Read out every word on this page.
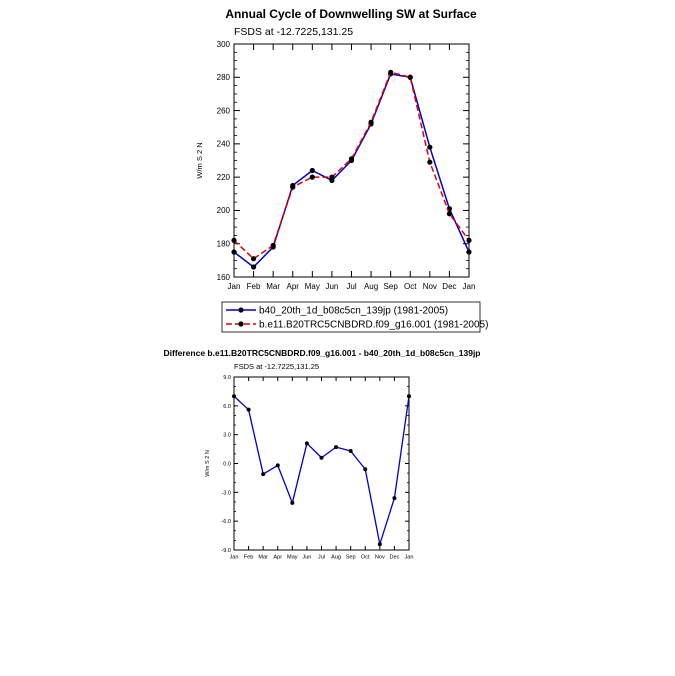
Annual Cycle of Downwelling SW at Surface
FSDS at -12.7225,131.25
160
180
200
220
240
260
280
300
Jan Feb Mar Apr May Jun Jul Aug Sep Oct Nov Dec Jan
W/m S 2 N
b40_20th_1d_b08c5cn_139jp (1981-2005)
b.e11.B20TRC5CNBDRD.f09_g16.001 (1981-2005)
Difference b.e11.B20TRC5CNBDRD.f09_g16.001 - b40_20th_1d_b08c5cn_139jp
FSDS at -12.7225,131.25
-9.0
-6.0
-3.0
0.0
3.0
6.0
9.0
Jan Feb Mar Apr May Jun Jul Aug Sep Oct Nov Dec Jan
W/m S 2 N
